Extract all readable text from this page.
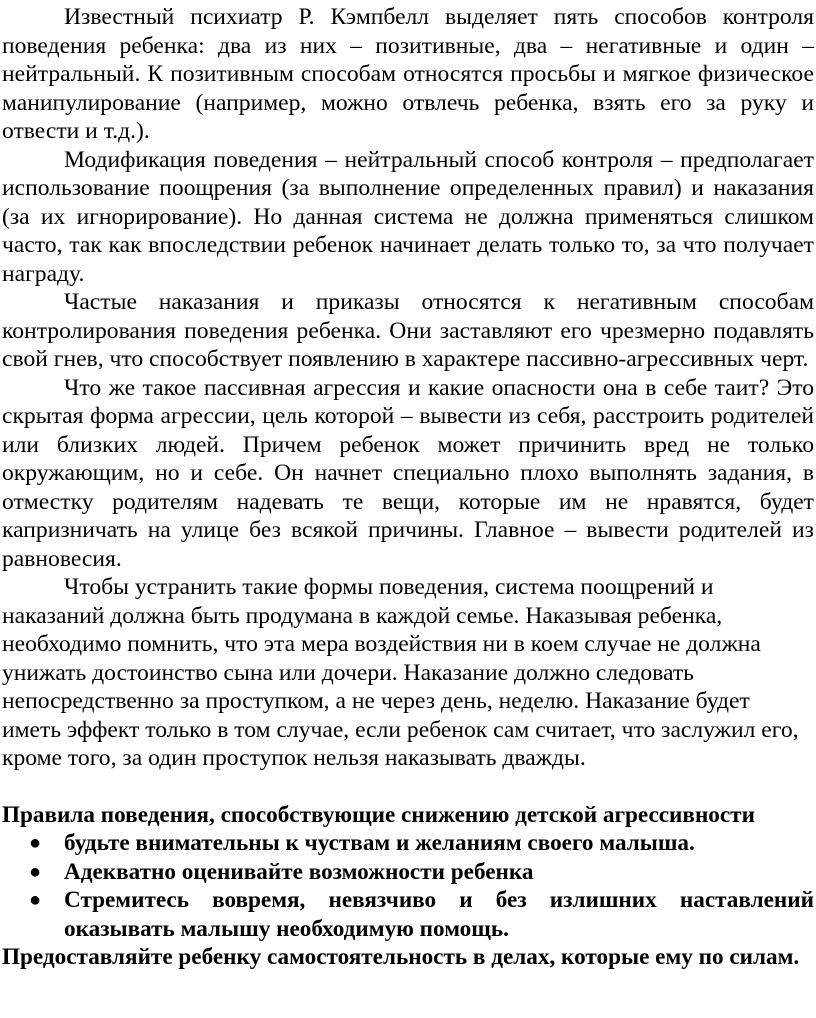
Известный психиатр Р. Кэмпбелл выделяет пять способов контроля поведения ребенка: два из них – позитивные, два – негативные и один – нейтральный. К позитивным способам относятся просьбы и мягкое физическое манипулирование (например, можно отвлечь ребенка, взять его за руку и отвести и т.д.).

Модификация поведения – нейтральный способ контроля – предполагает использование поощрения (за выполнение определенных правил) и наказания (за их игнорирование). Но данная система не должна применяться слишком часто, так как впоследствии ребенок начинает делать только то, за что получает награду.

Частые наказания и приказы относятся к негативным способам контролирования поведения ребенка. Они заставляют его чрезмерно подавлять свой гнев, что способствует появлению в характере пассивно-агрессивных черт.

Что же такое пассивная агрессия и какие опасности она в себе таит? Это скрытая форма агрессии, цель которой – вывести из себя, расстроить родителей или близких людей. Причем ребенок может причинить вред не только окружающим, но и себе. Он начнет специально плохо выполнять задания, в отместку родителям надевать те вещи, которые им не нравятся, будет капризничать на улице без всякой причины. Главное – вывести родителей из равновесия.

Чтобы устранить такие формы поведения, система поощрений и наказаний должна быть продумана в каждой семье. Наказывая ребенка, необходимо помнить, что эта мера воздействия ни в коем случае не должна унижать достоинство сына или дочери. Наказание должно следовать непосредственно за проступком, а не через день, неделю. Наказание будет иметь эффект только в том случае, если ребенок сам считает, что заслужил его, кроме того, за один проступок нельзя наказывать дважды.

Правила поведения, способствующие снижению детской агрессивности

● будьте внимательны к чуствам и желаниям своего малыша.
● Адекватно оценивайте возможности ребенка
● Стремитесь вовремя, невязчиво и без излишних наставлений оказывать малышу необходимую помощь.

Предоставляйте ребенку самостоятельность в делах, которые ему по силам.
